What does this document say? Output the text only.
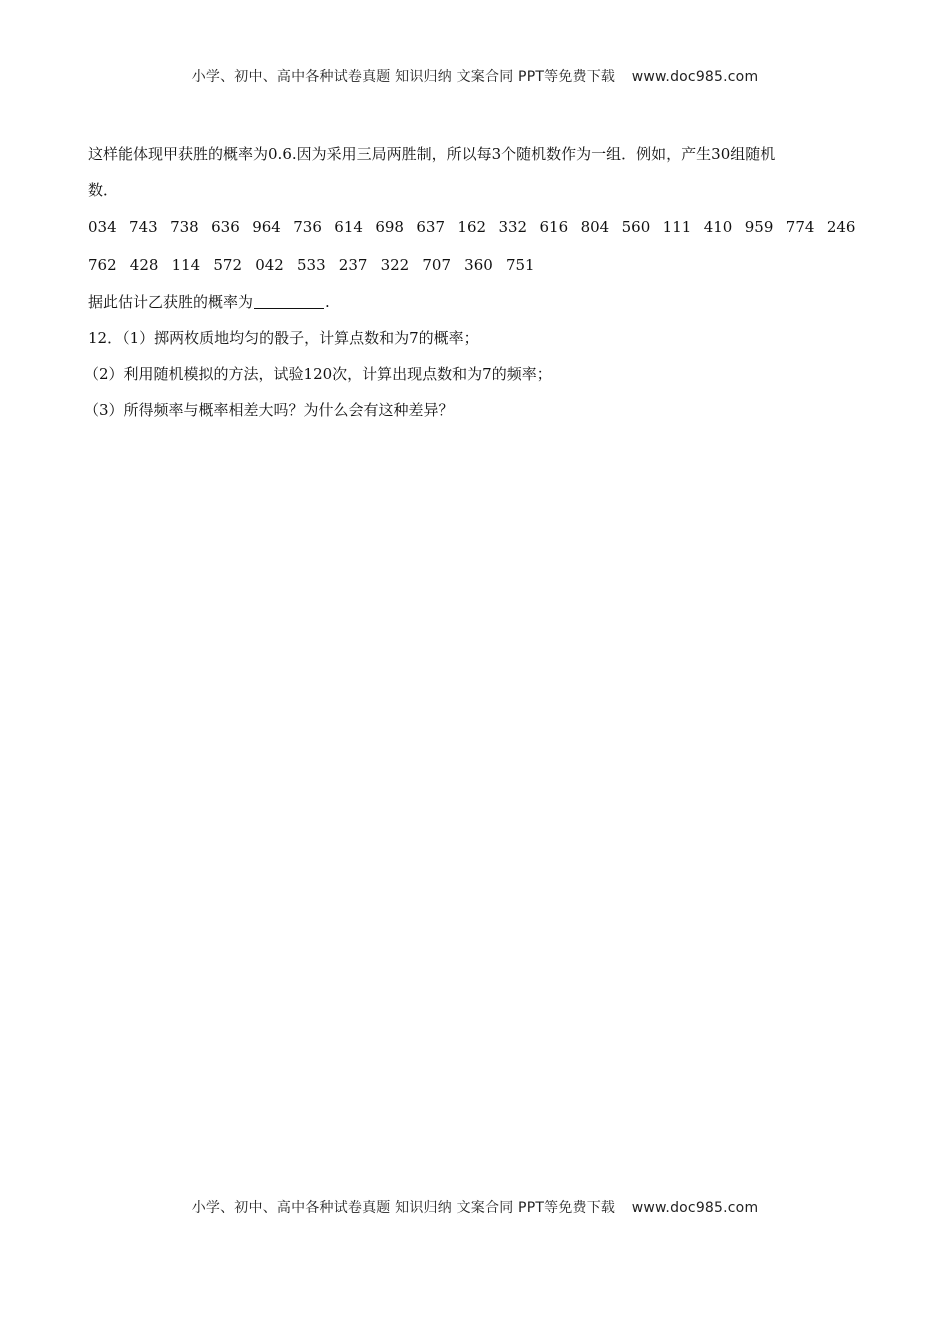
小学、初中、高中各种试卷真题 知识归纳 文案合同 PPT等免费下载 www.doc985.com
这样能体现甲获胜的概率为0.6.因为采用三局两胜制，所以每3个随机数作为一组．例如，产生30组随机
数．
034 743 738 636 964 736 614 698 637 162 332 616 804 560 111 410 959 774 246
762 428 114 572 042 533 237 322 707 360 751
据此估计乙获胜的概率为	.
12．（1）掷两枚质地均匀的骰子，计算点数和为7的概率；
（2）利用随机模拟的方法，试验120次，计算出现点数和为7的频率；
（3）所得频率与概率相差大吗？为什么会有这种差异？
小学、初中、高中各种试卷真题 知识归纳 文案合同 PPT等免费下载 www.doc985.com
